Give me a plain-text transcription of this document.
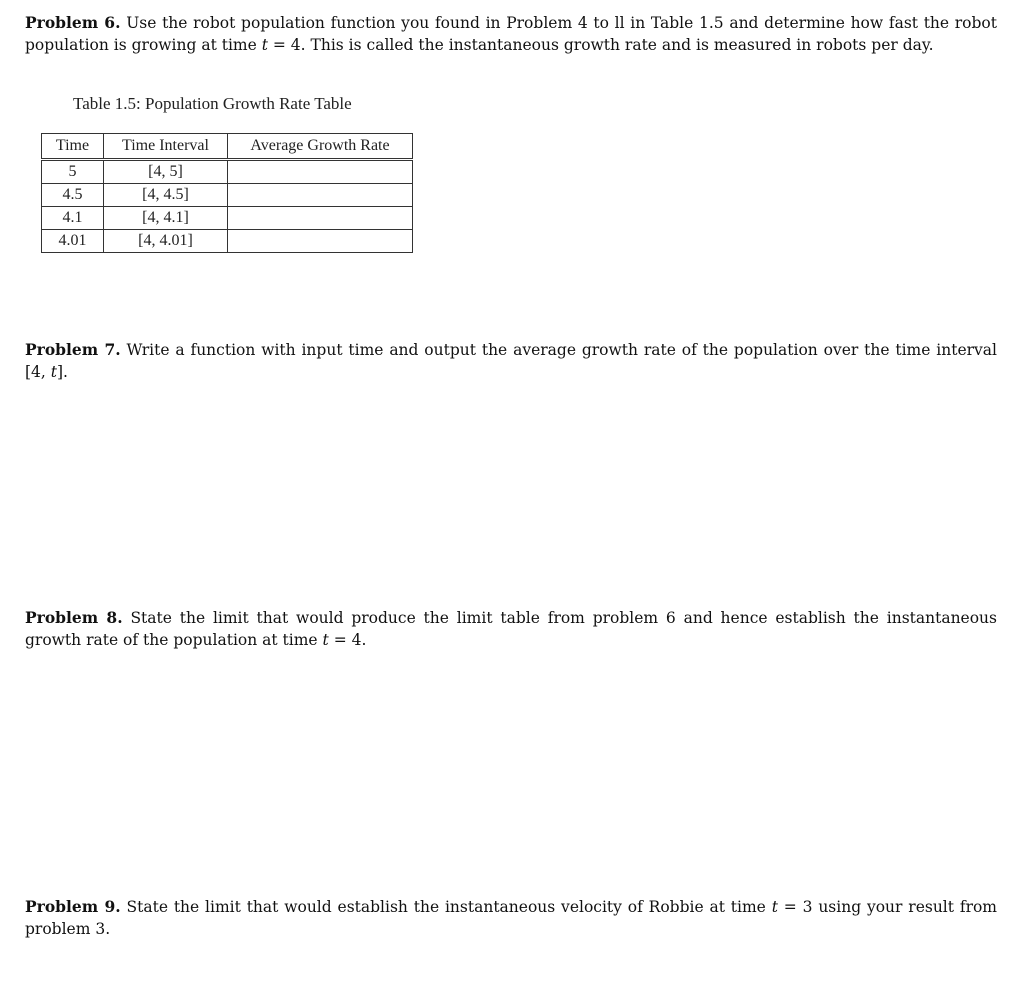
Problem 6. Use the robot population function you found in Problem 4 to ll in Table 1.5 and determine how fast the robot population is growing at time t = 4. This is called the instantaneous growth rate and is measured in robots per day.
Table 1.5: Population Growth Rate Table
Time	Time Interval	Average Growth Rate
5	[4, 5]	
4.5	[4, 4.5]	
4.1	[4, 4.1]	
4.01	[4, 4.01]	
Problem 7. Write a function with input time and output the average growth rate of the population over the time interval [4, t].
Problem 8. State the limit that would produce the limit table from problem 6 and hence establish the instantaneous growth rate of the population at time t = 4.
Problem 9. State the limit that would establish the instantaneous velocity of Robbie at time t = 3 using your result from problem 3.
